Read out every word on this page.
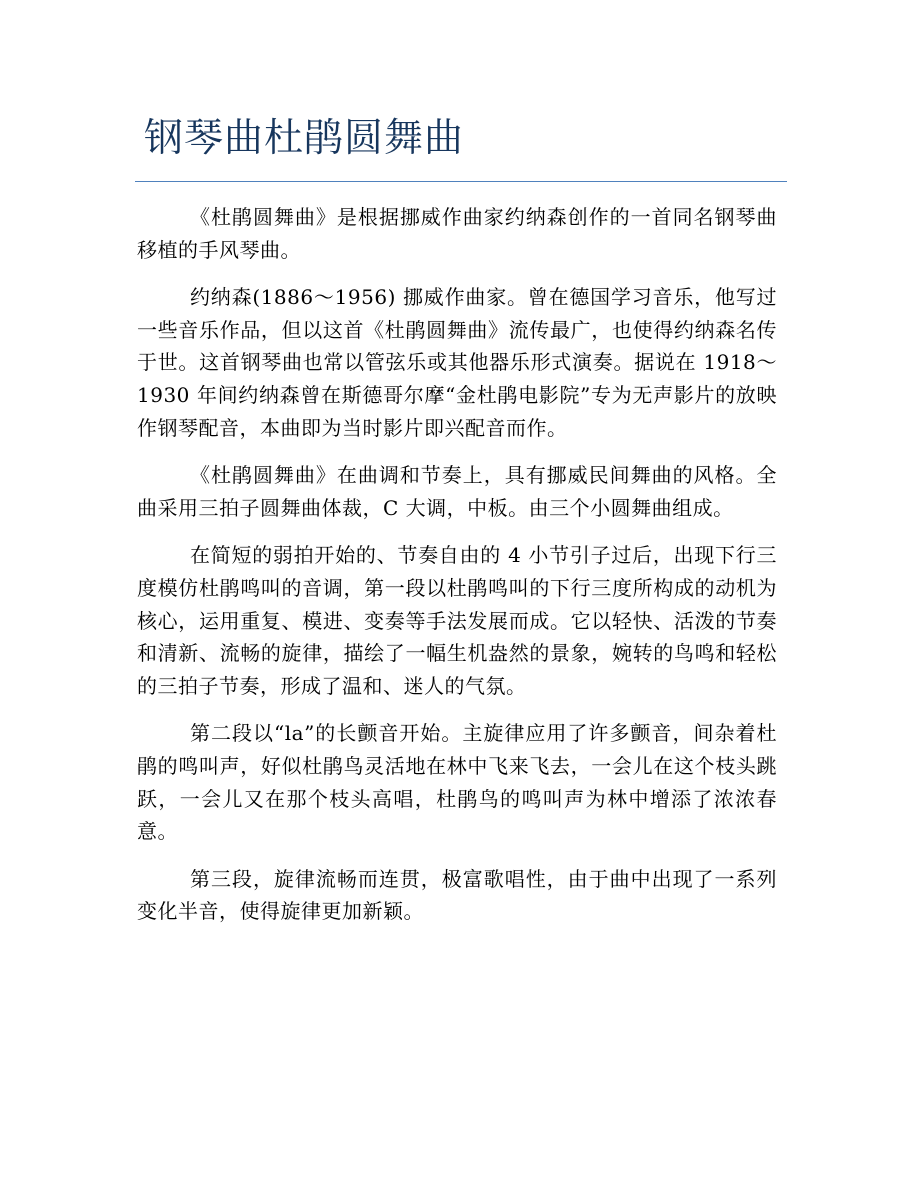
钢琴曲杜鹃圆舞曲

《杜鹃圆舞曲》是根据挪威作曲家约纳森创作的一首同名钢琴曲移植的手风琴曲。

约纳森(1886～1956) 挪威作曲家。曾在德国学习音乐，他写过一些音乐作品，但以这首《杜鹃圆舞曲》流传最广，也使得约纳森名传于世。这首钢琴曲也常以管弦乐或其他器乐形式演奏。据说在 1918～1930 年间约纳森曾在斯德哥尔摩“金杜鹃电影院”专为无声影片的放映作钢琴配音，本曲即为当时影片即兴配音而作。

《杜鹃圆舞曲》在曲调和节奏上，具有挪威民间舞曲的风格。全曲采用三拍子圆舞曲体裁，C 大调，中板。由三个小圆舞曲组成。

在简短的弱拍开始的、节奏自由的 4 小节引子过后，出现下行三度模仿杜鹃鸣叫的音调，第一段以杜鹃鸣叫的下行三度所构成的动机为核心，运用重复、模进、变奏等手法发展而成。它以轻快、活泼的节奏和清新、流畅的旋律，描绘了一幅生机盎然的景象，婉转的鸟鸣和轻松的三拍子节奏，形成了温和、迷人的气氛。

第二段以“la”的长颤音开始。主旋律应用了许多颤音，间杂着杜鹃的鸣叫声，好似杜鹃鸟灵活地在林中飞来飞去，一会儿在这个枝头跳跃，一会儿又在那个枝头高唱，杜鹃鸟的鸣叫声为林中增添了浓浓春意。

第三段，旋律流畅而连贯，极富歌唱性，由于曲中出现了一系列变化半音，使得旋律更加新颖。
